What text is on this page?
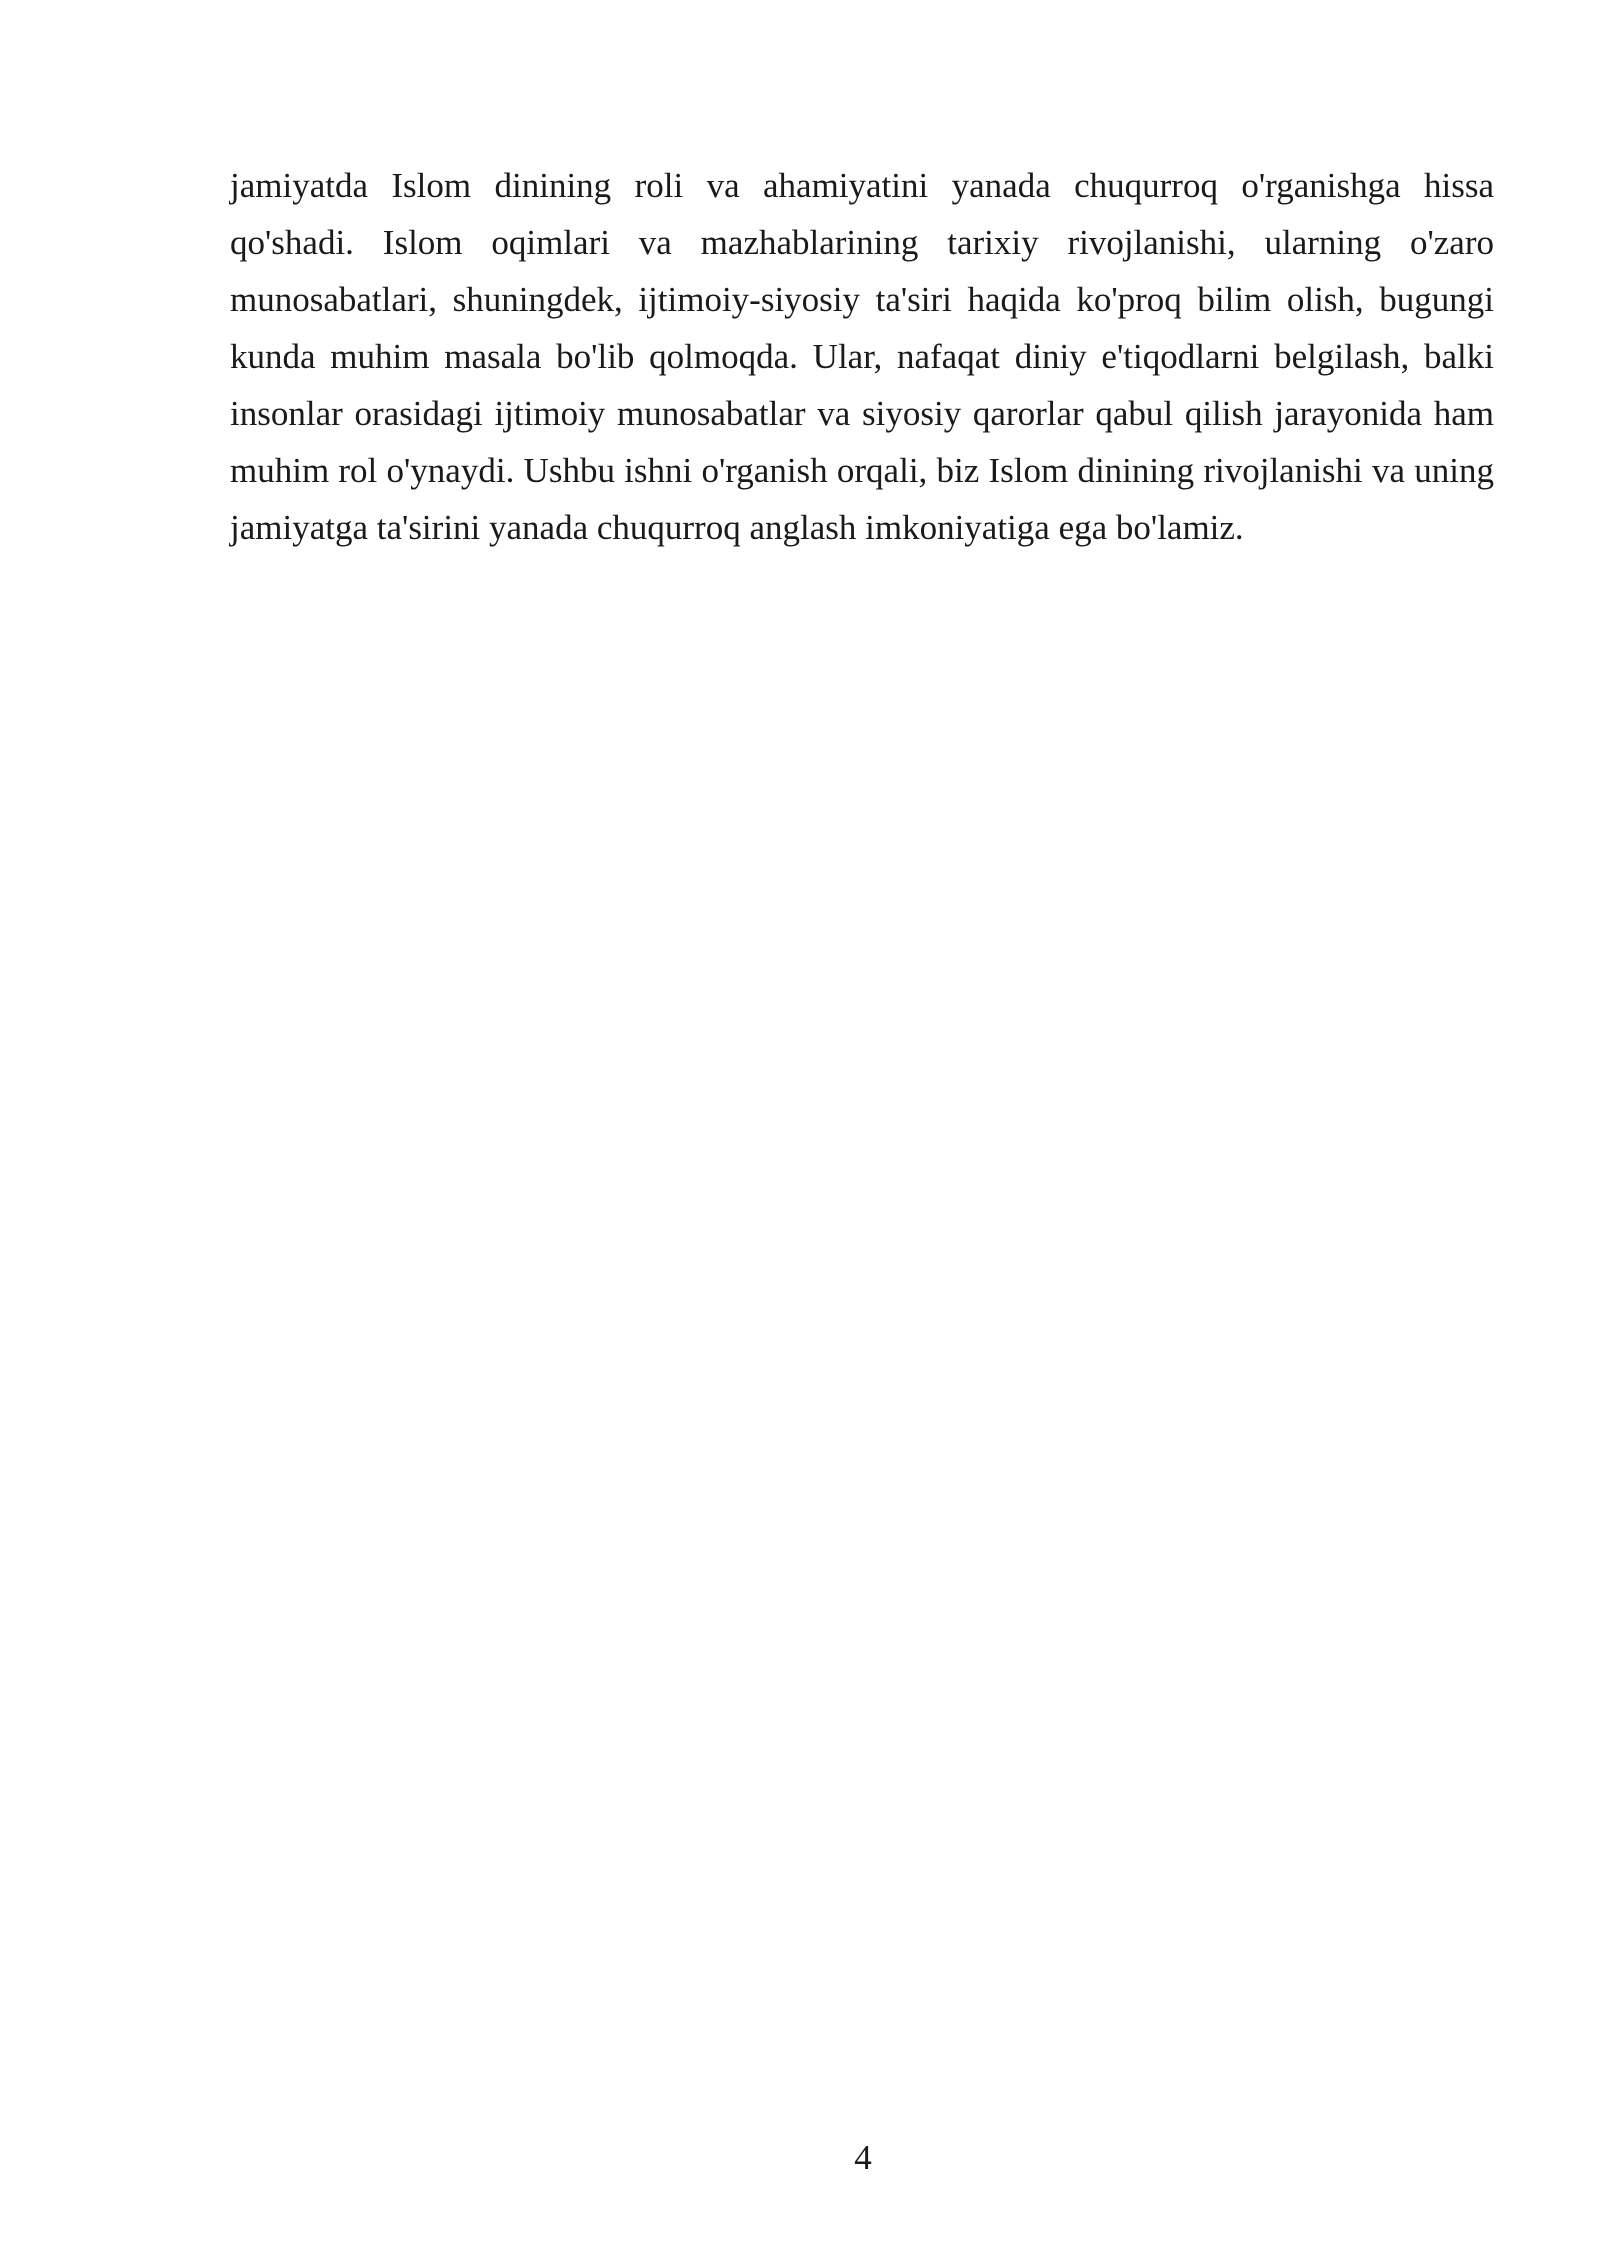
jamiyatda Islom dinining roli va ahamiyatini yanada chuqurroq o'rganishga hissa qo'shadi. Islom oqimlari va mazhablarining tarixiy rivojlanishi, ularning o'zaro munosabatlari, shuningdek, ijtimoiy-siyosiy ta'siri haqida ko'proq bilim olish, bugungi kunda muhim masala bo'lib qolmoqda. Ular, nafaqat diniy e'tiqodlarni belgilash, balki insonlar orasidagi ijtimoiy munosabatlar va siyosiy qarorlar qabul qilish jarayonida ham muhim rol o'ynaydi. Ushbu ishni o'rganish orqali, biz Islom dinining rivojlanishi va uning jamiyatga ta'sirini yanada chuqurroq anglash imkoniyatiga ega bo'lamiz.

4
